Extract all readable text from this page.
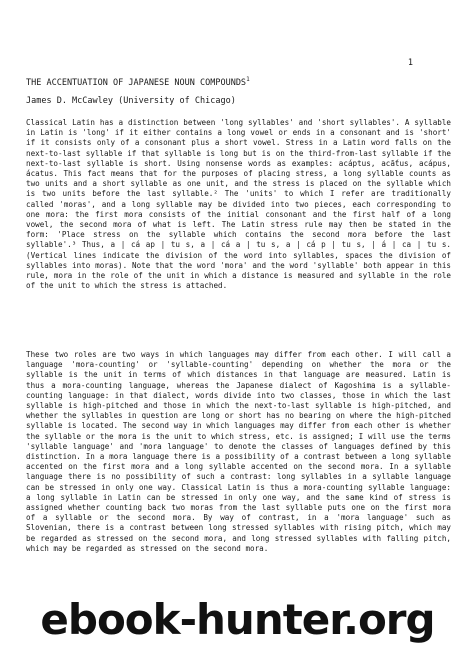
1
THE ACCENTUATION OF JAPANESE NOUN COMPOUNDS$^1$
James D. McCawley (University of Chicago)
Classical Latin has a distinction between 'long syllables' and 'short syllables'. A syllable in Latin is 'long' if it either contains a long vowel or ends in a consonant and is 'short' if it consists only of a consonant plus a short vowel. Stress in a Latin word falls on the next-to-last syllable if that syllable is long but is on the third-from-last syllable if the next-to-last syllable is short. Using nonsense words as examples: acáptus, acā́tus, acápus, ácatus. This fact means that for the purposes of placing stress, a long syllable counts as two units and a short syllable as one unit, and the stress is placed on the syllable which is two units before the last syllable.² The 'units' to which I refer are traditionally called 'moras', and a long syllable may be divided into two pieces, each corresponding to one mora: the first mora consists of the initial consonant and the first half of a long vowel, the second mora of what is left. The Latin stress rule may then be stated in the form: 'Place stress on the syllable which contains the second mora before the last syllable'.³ Thus, a | cá ap | tu s, a | cá a | tu s, a | cá p | tu s, | á | ca | tu s. (Vertical lines indicate the division of the word into syllables, spaces the division of syllables into moras). Note that the word 'mora' and the word 'syllable' both appear in this rule, mora in the role of the unit in which a distance is measured and syllable in the role of the unit to which the stress is attached.
These two roles are two ways in which languages may differ from each other. I will call a language 'mora-counting' or 'syllable-counting' depending on whether the mora or the syllable is the unit in terms of which distances in that language are measured. Latin is thus a mora-counting language, whereas the Japanese dialect of Kagoshima is a syllable-counting language: in that dialect, words divide into two classes, those in which the last syllable is high-pitched and those in which the next-to-last syllable is high-pitched, and whether the syllables in question are long or short has no bearing on where the high-pitched syllable is located. The second way in which languages may differ from each other is whether the syllable or the mora is the unit to which stress, etc. is assigned; I will use the terms 'syllable language' and 'mora language' to denote the classes of languages defined by this distinction. In a mora language there is a possibility of a contrast between a long syllable accented on the first mora and a long syllable accented on the second mora. In a syllable language there is no possibility of such a contrast: long syllables in a syllable language can be stressed in only one way. Classical Latin is thus a mora-counting syllable language: a long syllable in Latin can be stressed in only one way, and the same kind of stress is assigned whether counting back two moras from the last syllable puts one on the first mora of a syllable or the second mora. By way of contrast, in a 'mora language' such as Slovenian, there is a contrast between long stressed syllables with rising pitch, which may be regarded as stressed on the second mora, and long stressed syllables with falling pitch, which may be regarded as stressed on the second mora.
ebook-hunter.org
